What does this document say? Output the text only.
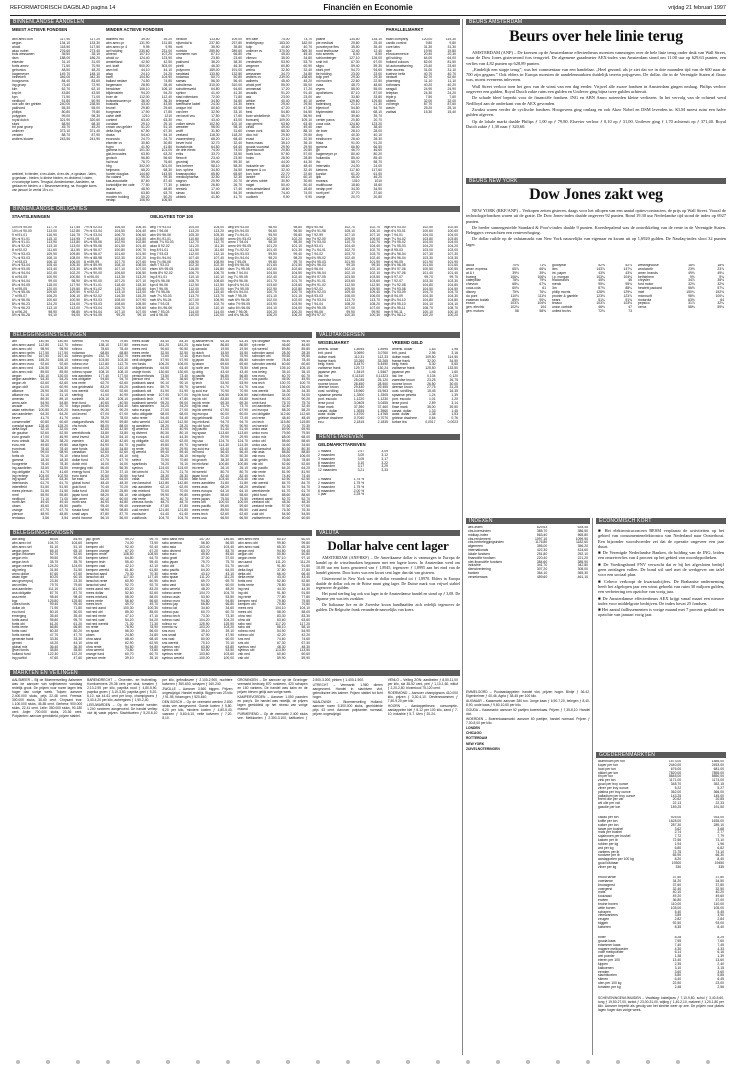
REFORMATORISCH DAGBLAD pagina 14	Financiën en Economie	vrijdag 21 februari 1997
BINNENLANDSE AANDELEN
MEEST ACTIEVE FONDSEN	MINDER ACTIEVE FONDSEN
abn amro kon	117,90	117,20
aegon	134,10	133,30
ahold	118,50	117,50
akzo nobel	276,60	273,40
bols wessanen	35,50	35,10
dsm	188,00	186,20
elsevier	31,10	31,00
fortis amev	71,50	70,90
getronics	48,50	48,20
hagemeyer	149,70	148,10
heineken	346,00	342,30
hoogovens	84,40	83,60
ing groep	73,40	72,90
klm	62,70	62,10
knp bt	43,80	43,50
kpn	71,90	71,00
nedlloyd	51,80	50,90
oce-van der grinten	240,00	238,50
pakhoed	55,30	55,00
philips	80,80	79,80
polygram	99,00	98,30
royal dutch	321,90	320,60
stork	68,90	68,30
tnt post groep	45,70	45,20
unilever	373,10	371,40
vendex	88,70	87,90
wolters kluwer	243,50	241,90
aalberts ind	39,00	39,20
abn amro pr	131,90	131,80
abn amro pr 4	9,95	9,95
acf holding	230,60	231,00
ahrend	107,10	107,20
ahold cv	124,40	123,90
amstelland	42,50	42,50
ant. kraft	500,00	503,00
asm intl	44,10	44,10
atag	24,10	24,20
bam	104,50	104,90
ballast nedam	74,50	74,80
begemann	28,50	28,40
benckiser	106,10	106,10
blijdenstein	94,20	94,20
boer de	112,00	112,40
bolswessanen pr	36,00	36,30
boskalis	43,40	43,50
brunel	29,80	29,60
burgmann	17,90	17,80
calvé delft	1210	1210
content	63,40	63,30
cordaan	29,10	29,10
crown van gelder	51,20	51,10
delta lloyd	67,50	67,30
draka	54,40	54,10
econosto	24,70	24,70
elsevier cv	30,80	30,80
fugro	41,90	41,80
gamma hold	101,30	101,00
gist-brocades	63,50	63,20
grolsch	56,80	56,60
hal trust	76,70	76,60
hbg	302,00	301,00
heijmans	68,20	68,30
hunter douglas	144,60	143,50
ihc caland	99,30	99,30
kas-associatie	87,60	87,40
koninklijke ten cate 77,50	77,30
laurus	48,90	48,80
macintosh	63,80	63,70
moolen holding	50,20	50,20
nedap	106,90	106,50
nedcon	113,80	109,00
nijverdal tc	237,80	237,80
norit	35,90	35,80
nutricia	289,50	289,60
ommeren van	67,10	66,80
otra	23,80	23,60
pakhoed	38,20	38,30
pirelli	46,30	46,30
polynorm	189,00	191,00
randstad	133,50	132,80
rodamco	50,70	50,80
samas	56,30	56,40
schuitema	310,00	310,00
schuttersveld	64,80	64,60
sphinx	41,40	41,30
stad rotterdam	72,00	71,80
telegraaf	34,50	34,60
twentsche kabel	24,30	24,30
unique intl	60,60	60,50
van leer	32,90	33,10
ver.bezit vnu	17,50	17,60
vnu	43,40	43,00
volker stevin	102,50	102,10
weweler	98,00	98,10
wolff	31,80	31,60
zeeland	118,30	118,20
zwanenberg	68,20	68,40
bever hold	32,70	32,40
bouwfonds	64,50	64,40
de drie electr.	74,00	74,00
eriks	33,70	33,50
flexovit	23,40	23,50
grontmij	59,40	59,30
hes beheer	58,10	58,30
kon. sphinx	34,50	34,50
krasnapolsky	65,80	65,60
medicopharma	32,50	32,30
nagron	20,90	20,70
p. bakker	26,80	26,70
reesink	17,40	17,40
simac	54,60	54,30
ubbink	41,80	41,70
ten cate	74,00	73,70
textielgroep	183,00	182,00
tulip	40,60	40,70
unilever cv	370,00	369,30
vhs	45,40	45,40
vilenzo	35,00	34,80
vredestein	53,90	53,70
wegener	60,80	60,90
welna	32,50	32,40
wessanen	34,70	34,80
wolters cv	239,00	238,60
aalberts	45,40	45,20
ahold pref	55,00	55,00
ammeraal	17,20	17,20
arcadis	91,20	91,40
ask	23,00	23,00
athlon	40,40	40,10
beers	29,40	29,50
berkel	47,20	47,30
besi	54,80	54,50
boer winkelbedr	56,70	56,90
borsumij	109,00	109,10
cap gemini	63,60	63,40
cindu	49,40	49,40
crown cork	88,30	88,10
dico intl	29,50	29,50
exact	32,10	32,30
frans maas	35,10	35,10
gouda vuurvast	29,90	29,90
groenwoudt	20,80	20,80
hoek loos	57,50	57,00
holec	28,90	28,80
ict	44,00	44,30
industrie wrr	48,60	48,40
kempen & co	32,40	32,40
kon. bam	22,70	22,60
landré	60,10	60,10
de vries robbé	30,50	30,60
nagel	50,40	50,40
nbm-amstelland	18,60	18,60
nedschroef	74,40	74,00
oudkerk	9,90	9,90
palthe	134,50	134,10
pie medical	25,80	25,40
porceleyne fles	35,50	35,40
rood testhouse	12,40	12,40
roto smeets	8,40	8,50
schlumberger	127,10	126,00
smit intl	67,30	67,00
sligro	59,40	59,30
stork pref	94,70	94,60
tie holding	23,00	23,00
tulip pref	29,30	29,30
vd moolen	22,60	22,50
vvaa	48,70	48,60
wyers	55,00	55,00
apothekers	87,10	87,00
asr	33,80	33,80
avebe	129,80	129,80
batenburg	21,10	21,30
bijenkorf	54,80	54,70
blydenstein	68,10	68,10
brill	39,60	39,70
center parcs	20,80	20,70
coca cola	124,60	123,20
csm	38,40	38,40
de boer	28,10	28,00
dorp	40,30	40,10
eindhoven	28,40	28,30
frisia	91,00	91,20
gamma	66,50	66,50
gti	46,70	46,60
hagemeyer pr	80,40	80,20
hollandia	85,40	85,40
ihc	58,70	58,70
internatio	24,00	24,00
kiekens	117,60	117,60
kondor	61,20	61,00
ljdk	46,40	46,20
moeara	1010	1010
multihouse	18,60	18,60
nedap pref	34,30	34,50
norit pref	37,70	37,60
oranje	20,70	20,80
PARALLELMARKT
baan company	120,00	119,30
cardio control	9,80	9,80
core labs	31,30	31,30
dpe	19,90	19,80
eurocommerce	20,40	20,30
gti holding	64,00	64,00
holland colours	82,00	81,50
ict automatisering	23,40	23,60
inter access	31,00	31,10
kuehne heitz	40,70	40,70
nedsoft	62,70	62,60
pharming	11,10	11,10
rothmans	40,20	40,20
seagull	24,90	24,90
teleplan	24,30	24,20
triple p	7,50	7,60
ubbink	32,00	32,00
vd bergh	87,70	87,60
wavin	25,20	25,10
zwitsal	15,30	15,40
ambieel, b=bieden, c=ex-claim, d=ex-div., e=gedaan - laten, g=gedaan - bieden, k=kleine bieden, ex-dividend, l=laten, v=voorlopige koers. Terugval, Amsterdamse, Aandelen, na gedaan en bieden, a = Beursreservering, na. Hoogste koers van januari 1e veelal 15 s.v.v.
BEURS AMSTERDAM
Beurs over hele linie terug

AMSTERDAM (ANP) – De koersen op de Amsterdamse effectenbeurs moesten vanmorgen over de hele linie terug onder druk van Wall Street, waar de Dow Jones gisteravond fors terugviel. De algemene graadmeter AEX-index van Amsterdam stond om 11.00 uur op 629,63 punten, een verlies van 4,82 punten op 628,89 punten.

„Eindelijk een stapje terug”, was het commentaar van een handelaar. „Heel gezond, als je ziet dat we in drie maanden tijd van de 600 naar de 700 zijn gegaan.” Ook elders in Europa moesten de aandelenmarkten duidelijk terrein prijsgeven. De dollar, die in de Verenigde Staten al flauw was, moest eveneens inleveren.

Wall Street verloor toen het gros van de winst van een dag eerder. Vrijwel alle zware fondsen in Amsterdam gingen omlaag. Philips verloor ongeveer een gulden, Royal Dutch zakte ruim een gulden en Unilever ging bijna twee gulden achteruit.

De schade bleef beperkt voor de financiële fondsen. ING en ABN Amro noteerden kleine verliezen. In het vervolg van de ochtend werd Nedlloyd aan de onderkant van de AEX gevonden.

Zwakst waren verder de cyclische fondsen. Hoogovens ging omlaag en ook Akzo Nobel en DSM leverden in. KLM moest ruim een halve gulden afgeven.

Op de lokale markt daalde Philips ƒ 1,00 op ƒ 79,80. Elsevier verloor ƒ 0,10 op ƒ 31,00. Unilever ging ƒ 1,70 achteruit op ƒ 371,40. Royal Dutch zakte ƒ 1,30 naar ƒ 320,60.

BEURS NEW YORK
Dow Jones zakt weg

NEW YORK (RKF/ANP) – Verkopen zetten gisteren, daags voor het aflopen van een aantal opties-contracten, de prijs op Wall Street. Vooral de technologiefondsen waren uit de gratie. De Dow Jones-index daalde ongeveer 92 punten. Rond 19.30 uur Nederlandse tijd stond de index op 6927 punten.

De breder samengestelde Standard & Poor's-index daalde 9 punten. Koersbepalend was de ontwikkeling van de rente in de Verenigde Staten. Beleggers verwachten een renteverhoging.

De dollar ruilde op de valutamarkt van New York nauwelijks van eigenaar en kwam uit op 1,6920 gulden. De Nasdaq-index sloot 32 punten lager.

alcoa	70⅝	71¼
amer. express	65⅞	66¾
at & t	39⅛	39¼
boeing	106¼	106⅛
caterpillar	78¾	79⅛
chevron	68¼	67¾
coca-cola	60⅛	61
disney	75⅝	76¼
du pont	110⅛	111½
eastman kodak	89½	90¼
exxon	103⅞	104⅛
gen. electric	102⅛	104
gen. motors	58	58⅝
goodyear	52⅝	52⅞
ibm	143⅞	147¼
int. paper	43⅝	43¾
j.p. morgan	103¼	104⅛
mcdonald's	45⅛	46
merck	95¼	95¾
3m	87⅜	88¼
philip morris	128½	129¼
procter & gamble	123⅛	123⅞
sears	51¼	51¾
texaco	103⅞	103⅛
union carbide	46⅜	47
united techn.	72⅛	73
westinghouse	18⅛	18⅜
woolworth	23⅝	23⅞
amer. brands	49⅛	49¼
bethlehem	9⅝	9¾
chrysler	34⅞	35⅛
ford motor	32⅛	32⅜
hewlett packard	56⅝	57¼
intel	150¼	152⅜
microsoft	98⅛	100¼
motorola	63⅛	64
pepsico	31⅞	32¼
xerox	58⅜	59⅛
BINNENLANDSE OBLIGATIES
STAATSLENINGEN	OBLIGATIES TOP 100
10¾ nl 90-00	117,70	117,55
10¼ nl 90-00	113,00	112,80
9 nl 91-01	116,90	116,75
8¾ nl 91-01	115,10	114,95
8½ nl 91-01	113,90	113,80
8¼ nl 92-02	113,10	113,00
8 nl 92-02	111,60	111,50
7½ nl 93-03	109,90	109,80
7¼ nl 93-03	108,10	108,00
7 nl 93-03	106,10	106,00
6¾ nl 93-04	105,40	105,30
6½ nl 93-05	103,40	103,30
6¼ nl 94-04	102,40	102,20
6 nl 94-05	100,90	100,80
5¾ nl 94-04	99,00	98,90
8¾ nl 94-05	118,00	117,90
9 nl 95-05	120,00	119,80
7¾ nl 95-06	109,60	109,50
7 nl 95-07	106,20	106,10
6¼ nl 96-06	100,60	100,50
8¾ nl 96-23	124,20	124,00
7½ nl 96-23	113,10	113,00
6 nl 96-26	98,90	98,80
5½ nl 96-28	94,10	94,00
7½ nl 02-03	106,40	106,30
7½ nl 03-04	104,50	104,40
7¼ nl 03-04	106,70	106,60
7 nl 93-05	103,60	103,50
6¾ nl 95-06	102,90	102,80
6½ nl 95-06	101,50	101,40
6¼ nl 96-07	100,80	100,70
5¾ nl 96-07	101,60	101,50
9½ nl 88-98	102,30	102,20
8 nl 89-99	107,70	107,60
8½ nl 89-99	108,10	108,00
8¾ nl 89-99	107,10	107,00
7¾ nl 90-00	106,60	106,50
9 nl 90-00	113,30	113,20
8¼ nl 90-00	107,20	107,10
9¼ nl 91-01	118,40	118,30
8¾ nl 91-02	115,70	115,60
9 nl 92-02	113,10	113,00
8½ nl 92-02	116,30	116,20
8¼ nl 93-03	108,00	107,90
7¾ nl 93-03	108,60	108,50
7½ nl 93-04	105,70	105,60
6¾ nl 94-04	107,10	107,00
6¼ nl 94-05	99,20	99,10
aeg 7½ 93-03	104,00	104,00
abn 7 96-06	113,20	113,20
abn 6½ 96-06	105,30	105,30
abn 8¼ 91-01	110,80	110,80
ahold 7¾ 93-03	112,70	112,70
akzo 8 92-02	111,20	111,30
bng 8 91-01	111,50	111,60
bng 7 93-03	112,00	112,10
bng 6¼ 94-04	107,40	107,40
bng 7¼ 96-06	108,90	108,90
dsm 7 93-03	102,30	102,30
elsev 6½ 95-05	116,80	116,80
fortis 8½ 92-02	106,70	106,70
ing 8 91-01	110,10	110,10
ing 6¾ 96-06	108,70	108,60
kpn 6 96-06	112,50	112,50
kpn 7 96-06	112,00	112,00
nib 7½ 96-06	115,40	115,40
nwb 7¼ 93-03	113,70	113,70
nwb 6¾ 94-04	107,00	106,90
rabo 7 93-03	102,70	102,70
rabo 6¼ 96-06	110,10	110,10
shell 7 93-03	114,00	114,00
unil 6 96-06	110,00	110,00
aeg 6½ 93-00	98,90	98,80
aeg 6¾ 94-00	96,60	96,50
aeg 7¼ 94-01	95,90	95,80
amro 6¾ 93-03	102,30	102,20
amro 7 94-04	98,30	98,30
amro 6½ 95-05	101,20	101,10
bng 7¼ 92-02	101,40	101,30
bng 6¾ 93-03	99,50	99,40
bng 6¼ 94-04	98,20	98,20
bng 7 95-05	99,80	99,70
bng 6½ 96-06	101,60	101,50
dsm 7¼ 95-05	102,60	102,60
fortis 7 94-04	104,50	104,50
ing 7¼ 95-05	102,40	102,40
ing 6½ 96-06	101,70	101,70
kpn 6¾ 94-04	103,60	103,60
kpn 7½ 95-05	102,90	102,80
nib 6¾ 94-04	100,70	100,70
nwb 7 95-05	101,10	101,10
nwb 6½ 96-06	102,00	102,00
rabo 7½ 95-05	103,90	103,90
rabo 6¾ 96-06	104,10	104,00
shell 7 95-05	100,20	100,20
unil 6¾ 96-06	106,20	106,20
lng 6 90-98	102,70	102,70
lng 6½ 91-98	105,10	105,10
lng 7 92-99	107,10	107,10
lng 7½ 92-00	109,00	109,00
lng 7¾ 93-00	110,70	110,70
lng 8 93-01	104,40	104,40
lng 7¼ 94-01	102,70	102,70
lng 7 94-02	103,70	103,70
lng 6¾ 95-02	102,40	102,40
lng 6½ 95-03	101,90	101,90
lng 6¼ 96-03	99,30	99,30
lng 6 96-04	102,10	102,10
lng 5¾ 96-04	102,10	102,10
lng 5½ 97-05	103,50	103,50
lng 8¼ 91-01	103,60	103,60
lng 8½ 91-02	112,50	112,50
lng 9 92-02	109,50	109,50
lng 8¾ 92-03	109,40	109,40
lng 8 93-03	106,00	106,00
lng 7½ 93-04	113,70	113,70
lng 7 94-04	108,20	108,20
lng 6½ 95-05	107,00	107,00
lng 6 96-06	99,90	99,90
lng 5½ 97-07	100,30	100,30
ingh 6½ 93-00	102,50	102,50
ingh 6¾ 93-01	100,60	100,60
ingh 7 94-01	104,00	104,00
ingh 7¼ 94-02	103,80	103,80
ingh 7½ 95-02	104,00	104,00
ingh 7¾ 95-03	104,20	104,20
ingh 8 95-03	103,00	103,00
ingh 8¼ 96-04	107,30	107,30
ingh 8½ 96-04	103,30	103,30
ingh 6 96-05	101,90	101,90
ingh 5¾ 96-05	101,60	101,60
ingh 5½ 97-06	100,50	100,50
ingh 5¼ 97-06	101,40	101,40
ingh 5 97-07	99,70	99,70
ingh 7 92-07	103,30	103,30
ingh 7¼ 92-08	104,80	104,80
ingh 7½ 93-08	104,50	104,50
ingh 7¾ 93-09	104,70	104,70
ingh 8 94-09	104,30	104,30
ingh 8¼ 94-10	104,80	104,80
ingh 8½ 95-10	104,10	104,10
ingh 8¾ 95-11	108,70	108,70
ingh 9 96-11	100,10	100,10
ingh 9¼ 96-12	100,20	100,20
BELEGGINGSINSTELLINGEN
abf	140,50	140,80
abn amro aand 112,80	112,70
abn amro obl	98,90	98,90
abn amro gelm 117,50	117,50
abn amro vst 167,50	167,40
abn amro ams 155,20	155,10
abn amro euro 92,60	92,60
abn amro ned 126,50	126,30
abn amro wld 89,50	89,50
aegon	130,10	130,00
aegon aandelen 54,30	54,20
aegon zb	62,60	62,60
aegon oblf	61,00	60,90
alliance	25,90	26,00
alliance nw	31,10	31,10
ameriac	89,30	89,10
amro azie	54,90	54,80
arcade	20,90	20,70
asian selection 100,80	100,20
asn aandelen 64,30	64,20
bever	41,70	41,70
conservatief	60,80	60,60
cumulat spaar 128,40	128,20
delta lloyd	32,10	32,00
de goudse	52,60	52,50
euro growth	47,00	46,90
euro ontwik	38,20	38,20
euro-mix	49,80	49,80
eurotrust	78,40	78,40
foris	99,00	98,90
fortis ob	76,10	76,10
gamma	18,30	18,30
hoogrente	78,40	78,30
ing aandelen	33,50	33,50
ing obligatie	41,70	41,60
ing rentegr	103,00	102,90
ing spaar	63,40	63,30
interbonds	61,70	61,70
intereffekt	51,50	51,50
mees pierson 31,50	31,50
mmf	55,90	55,80
nedlloyd	71,10	71,00
north am	49,40	49,40
obam	45,60	45,50
orange	67,70	67,70
pierson	48,90	48,80
rentasso	3,56	3,54
rorento	79,90	79,80
robeco	138,10	137,80
rolinco	78,60	78,40
rodamco	68,80	68,80
robeco geldm 152,70	152,70
robeco cap	103,50	103,30
robeco eur	112,80	112,70
robeco ned	110,20	110,10
robeco spaar 108,10	108,10
sns aandelen 177,40	177,00
sns obligatie	94,80	94,70
sns rente	62,70	62,60
sns geldmarkt 83,20	83,20
sns wereld	92,60	92,60
sterling	41,00	40,90
sunbelt	105,10	105,10
tech fund	40,60	40,50
tokyo pacific 154,60	154,40
trans europe	90,30	90,20
uni-invest	67,00	67,00
unico	78,20	78,00
vastgoedfonds 59,90	59,80
vhs fonds	88,00	88,00
vvs	42,60	42,50
wereldfonds	33,80	33,80
west invest	54,30	54,10
zweden	42,80	42,60
asia tigers	84,90	84,70
azie fonds	34,80	34,80
canadian	52,60	52,60
china fund	45,20	45,10
dollar fund	67,70	67,70
dutch mid	16,00	16,00
emerging mkt 56,40	56,30
energy fund	37,30	37,10
euro bond	30,60	30,60
far east	64,20	64,00
global bond	48,40	48,30
gold fund	70,40	70,20
india fund	25,80	25,80
japan fund	58,20	58,10
latin amer	60,10	60,00
north sea	46,90	46,80
pacific	95,40	95,40
russia fund	98,90	98,80
small caps	87,80	87,70
world income 56,10	56,00
mees dollar	84,40	84,30
mees euro	181,20	181,20
mees ned	90,60	90,50
mees rente	32,50	32,50
mees wereld	72,60	72,40
nedl obligatie 57,90	57,90
nm fonds	106,20	106,00
obligatiefonds 64,50	64,40
oranje fonds 130,60	130,60
pensioenfonds 73,50	73,40
pierson ned	36,70	36,60
postbank aand 90,10	90,10
postbank euro 59,70	59,70
postbank obl	51,90	51,90
postbank rente 107,00	107,00
postbank tech 47,90	47,80
postbank wereld 95,20	95,00
rabo aandelen 34,20	34,20
rabo europa	27,00	27,00
rabo obligatie 68,00	68,00
rabo rente	54,40	54,40
rabo wereld	112,60	112,50
rg aandelen	28,20	28,20
rg america	41,00	40,90
rg divirent	80,30	80,10
rg europa	44,40	44,30
rg obligatie	62,00	62,00
rg pacific	49,80	49,70
rg rente	29,90	29,90
rg wereld	59,40	59,40
rohij	36,20	36,10
select	70,90	70,80
sparfonds	76,20	76,10
syntrus	124,00	124,00
tiel utrecht	21,70	21,70
top fund	28,30	28,30
vada	53,50	53,50
van lanschot 142,80	142,80
vsb aandelen 62,10	62,00
vsb mixfund	70,00	70,00
vsb obligatie	99,90	99,80
vsb rente	40,70	40,70
zeeuws fonds 48,70	48,70
zonnewende	47,80	47,80
zuid nederl	121,80	121,80
zwolsche	61,40	61,40
zuidfonds	104,70	104,70
ig aandelen fd 64,35	63,34
ig asia fund	86,80	86,80
ig canada	19,50	19,50
ig dutch	15,50	15,50
ig euro fund	75,90	75,90
ig japan	85,50	85,50
ig latam	69,60	69,60
ig north am	75,50	75,50
ig oblig	43,40	43,40
ig pacific	56,80	56,80
ig rente	87,00	87,00
ig tech	53,90	53,90
ig wereld	61,70	61,70
ig zuid eur	70,90	70,90
ing bk fund	106,50	106,50
ing bk obl	83,80	83,80
ing bk rente	69,30	69,30
ing bk vast	73,70	73,70
ing bk wereld 67,90	67,90
ing europa	60,00	60,00
ing geldmarkt 72,40	72,40
ing mixfund	94,70	94,70
ing obl fund	90,90	90,90
ing pacific	51,40	51,40
ing spaar	113,60	113,60
ing tech	29,90	29,90
ing usa	124,70	124,70
ing wereld	114,30	114,30
ing zuid eur	63,40	63,40
int bond	56,40	56,40
int equity	50,30	50,30
int growth	38,30	38,30
int mixfund	100,80	100,80
int rente	26,10	26,10
int wereld	80,70	80,70
japan fund	82,40	82,40
latin fund	103,40	103,40
mees aandelen 31,80	31,80
mees asia	68,20	68,20
mees europa	64,10	64,10
mees geldm	58,60	58,60
mees japan	75,50	75,50
mees obl	100,00	100,00
mees pacific	59,60	59,60
mees rente	89,50	89,50
mees tech	62,60	62,60
mees usa	66,50	66,50
ryk obligatie	95,40	95,40
ryk rente	46,60	46,60
ryk wereld	89,80	89,80
schroder aand 28,30	28,30
schroder obl	99,50	99,50
schroder rente 78,40	78,40
schroder wereld 60,60	60,60
shell pens	105,10	105,10
sns beleg	35,10	35,10
sns euro	60,70	60,70
sns pacific	45,90	45,90
sns tech	100,70	100,70
sns usa	136,00	136,00
sns wereld	34,30	34,30
stad rotterdam 34,00	34,00
trust fund	90,20	90,20
umb fund	75,70	75,70
uni aandelen	32,40	32,40
uni europa	58,20	58,20
uni obligatie	112,60	112,60
uni rente	48,40	48,40
uni tech	115,80	115,80
uni wereld	70,30	70,30
unico asia	69,90	69,90
unico euro	79,50	79,50
unico mix	68,00	68,00
unico obl	58,60	58,60
unico usa	34,60	34,60
van lanschot	80,30	80,30
vsb asia	88,80	88,80
vsb euro	106,00	106,00
vsb geldm	78,80	78,80
vsb obl	52,60	52,60
vsb pacific	64,20	64,20
vsb rente	81,90	81,90
vsb tech	74,40	74,40
vsb usa	62,50	62,50
vsb wereld	84,70	84,70
westland	54,70	54,70
wereldrente	61,70	61,70
yield fund	88,60	88,60
zeeland aand	52,70	52,70
zeeland obl	48,30	48,30
zeeland rente	97,50	97,50
zuid aand	76,30	76,30
zuid obl	54,50	54,50
zwitserleven	60,60	60,60
VALUTAKOERSEN
WISSELMARKT	VREEMD GELD
amerik. dollar	1,8945	1,8995
brit. pond	3,0690	3,0760
duitse mark	112,31	112,33
franse frank	33,260	33,265
belg. frank	5,4470	5,4490
zwitserse frank	129,72	130,24
japanse yen	1,5419	1,5467
ital. lire	0,11310	0,11323
zweedse kroon	25,035	25,120
noorse kroon	28,450	28,500
deense kroon	29,440	29,455
oost. schilling	15,960	15,963
spaanse peseta	1,3300	1,3305
port. escudo	1,1220	1,1230
ierse pond	3,0405	3,0455
finse mark	37,390	37,460
canad. dollar	1,3935	1,3960
austr. dollar	1,4700	1,4765
griekse drachme	0,7040	0,7070
ecu	2,1815	2,1835
amerik. dollar	1,83	1,96
brit. pond	2,96	3,16
duitse mark	109,50	114,50
franse frank	32,00	34,50
belg. frank	5,30	5,60
zwitserse frank	125,50	133,50
japanse yen	1,46	1,60
ital. lire	0,104	0,120
zweedse kroon	23,25	26,75
noorse kroon	26,50	30,00
deense kroon	27,75	31,25
oost. schilling	15,45	16,35
spaanse peseta	1,24	1,39
port. escudo	1,01	1,20
ierse pond	2,89	3,14
finse mark	35,00	39,50
canad. dollar	1,33	1,45
austr. dollar	1,38	1,53
griekse drachme	0,64	0,76
turkse lira	0,0017	0,0023
RENTETARIEVEN
GELDMARKTTARIEVEN
1 maand	2,97	3,09
2 maanden	3,00	3,12
3 maanden	3,05	3,17
6 maanden	3,10	3,22
9 maanden	3,17	3,29
12 maanden	3,21	3,33
1 maand	1,75 %
2 maanden	1,75 %
3 maanden	1,75 %
6 maanden	2,00 %
1 jaar	2,25 %
VALUTA
Dollar halve cent lager

AMSTERDAM (ANP/RKF) – De Amerikaanse dollar is vanmorgen in Europa de handel op de wisselmarkten begonnen met een lagere koers. In Amsterdam werd om 10.00 uur een koers genoteerd van ƒ 1,8945, tegenover ƒ 1,8995 aan het eind van de handel gisteren. Door koers was een kwart cent lager dan dat van gisteren.

Gisteravond in New York was de dollar veranderd tot ƒ 1,8970. Elders in Europa daalde de dollar ook en de Britse munt ging lager. De Duitse mark was vrijwel stabiel tegenover de gulden.

Het pond sterling lag ook wat lager in de Amsterdamse handel en stond op ƒ 3,08. De Japanse yen was iets zwakker.

De Italiaanse lire en de Zweedse kroon handhaafden zich redelijk tegenover de gulden. De Belgische frank veranderde nauwelijks van koers.

INDEXEN
aex-index	629,63	634,45
cbs-koersindex	385,70	386,50
midkap-index	563,40	565,80
cbs-rendement	1097,10	1099,90
cbs-herbeleggingsindex	1176,80	1182,60
algemeen	355,00	356,20
internationals	422,30	424,60
lokale fondsen	251,80	252,10
financiële fondsen	220,40	221,20
niet-financiële fondsen	384,60	385,90
industrie	341,70	342,80
dienstverlening	307,20	308,00
banken	364,10	365,30
verzekeraars	459,60	461,10
ECONOMISCH KORT

■ Het elektronicaconcern BESM verplaatst de activiteiten op het gebied van consumentenelektronica van Nederland naar Oosterhout. Een bijzonder woordvoerder zei dat de operatie ongeveer een jaar duurt.

■ De Verenigde Nederlandse Banken, de holding van de ING, leiden een omzetverlies van 4 procent op het gebied van woonhypotheken.

■ De Voedingsbond FNV verwacht dat er bij het afgesloten bedrijf geen ontslagen vallen. De bond wil snel met de werkgever om tafel voor een sociaal plan.

■ Cebeco verkoopt de kwartaalcijfers. De Brabantse onderneming heeft het afgelopen jaar een winst geboekt van ruim 30 miljoen gulden, een verbetering ten opzichte van vorig jaar.

■ De Amsterdamse effectenbeurs AEX krijgt vanaf maart een nieuwe index voor middelgrote bedrijven. De index bevat 25 fondsen.

■ Het aantal faillissementen is vorige maand met 7 procent gedaald ten opzichte van januari vorig jaar.

BELEGGINGSFONDSEN
aaf oblig	85,00	84,90
abn amro int	104,70	104,60
abn amro sel	51,10	51,10
aegon gem	65,10	65,10
aegon inkomen	52,70	52,60
aegon mix	99,50	99,40
aegon tech	35,70	35,70
aegon wereld	124,20	124,00
alg beleg	31,50	31,50
amro dollar	67,60	67,60
asian tiger	60,20	60,10
asn groenproj	23,30	23,30
asn milieu	79,70	79,60
axa aandelen	111,10	111,00
axa obligatie	87,70	87,70
axa rente	98,40	98,40
bgz	125,80	125,80
cobra fonds	99,40	99,40
dollar ob	71,90	71,80
eco fund	50,10	50,00
emerging	35,40	35,40
fortis aand	95,80	95,70
fortis obl	61,20	61,20
fortis rente	66,80	66,80
fortis vast	80,30	80,20
fortis wereld	47,70	47,70
generale bank	33,30	33,30
gemini	44,20	44,10
global mix	36,40	36,30
groei fonds	35,80	35,80
holland fund	122,30	122,20
ing portfol	47,60	47,60
jap. groei	99,70	99,70
kempen	74,00	73,90
kempen obl	92,40	92,40
kempen orange	67,20	67,20
kempen rente	108,50	108,50
kempen select	64,80	64,70
kempen tech	55,40	55,40
kempen vast	42,10	42,10
kempen wereld	61,80	61,80
lanschot aand	70,30	70,30
lanschot obl	117,40	117,40
lanschot rente	60,90	60,90
lanschot vast	92,70	92,70
mees aand ned	83,20	83,20
mees dollar	52,60	52,60
mees mixfund	58,00	58,00
mees rente	56,60	56,60
mees tech	49,70	49,70
nat ned aand	100,30	100,30
nat ned obl	85,00	85,00
nat ned rente	47,10	47,10
nat ned vast	54,20	54,20
nat ned wereld	71,30	71,30
nn rente	78,90	78,90
nn spaar	56,00	56,00
obam	24,80	24,80
ohra aand	68,40	68,40
ohra obl	62,90	62,90
ohra rente	94,80	94,80
ohra wereld	73,80	73,80
orange fund	60,70	60,70
pierson rente	39,10	39,10
rabo aand ned	147,00	146,80
rabo america	56,50	56,50
rabo asia	103,40	103,40
rabo divirent	83,70	83,70
rabo euro	45,60	45,60
rabo groei	37,00	37,00
rabo japan	75,70	75,70
rabo obl	51,70	51,70
rabo pacific	64,00	64,00
rabo rente	43,10	43,10
rabo spaar	111,20	111,20
rabo tech	69,70	69,70
rabo vast	60,00	60,00
rabo wereld	48,20	48,20
robeco amer	104,70	104,70
robeco asia	53,50	53,50
robeco euro	94,80	94,80
robeco jap	66,80	66,80
robeco lat	34,60	34,60
robeco pac	60,70	60,70
robeco tech	73,30	73,30
robeco vast	104,20	104,20
rolinco nv	125,90	125,90
rorento nv	103,20	103,20
sns euro	39,10	39,10
sns small	47,90	47,90
sns vast	60,00	60,00
sns wereld	70,10	70,10
syntrus ned	63,80	63,80
syntrus obl	53,50	53,50
syntrus rente	103,60	103,60
syntrus wereld	100,00	100,00
abn amro ned	60,10	60,00
abn amro obl	99,80	99,80
abn amro vast	65,30	65,30
aegon ned	94,50	94,40
aegon obl	50,80	50,80
aegon rente	97,10	97,10
asn aand	111,20	111,20
asn obl	91,80	91,80
delta lloyd	37,80	37,80
delta obl	66,40	66,40
delta rente	43,40	43,40
fortis ned	52,80	52,80
fortis rente	78,80	78,80
ing ned	44,30	44,30
ing obl	91,80	91,80
ing rente	77,80	77,80
kempen ned	79,80	79,80
kempen obl	70,80	70,80
mees ned	104,10	104,10
mees obl	58,00	58,00
ohra ned	83,30	83,30
ohra obl	63,60	63,60
rabo ned	117,20	117,20
rabo obl	58,10	58,10
robeco ned	54,90	54,90
robeco obl	42,20	42,20
sns ned	74,60	74,60
sns obl	67,30	67,30
syntrus ned	48,30	48,30
syntrus obl	113,50	113,50
vsb ned	60,60	60,60
vsb obl	59,90	59,90
MARKTEN EN VEILINGEN

AALSMEER – Bij de Bloemenveiling Aalsmeer was de aanvoer van snijbloemen vandaag redelijk groot. De prijzen voor rozen lagen iets hoger dan vorige week. Tulpen: aanvoer 2.400.000 stuks, prijs 22-48 cent. Freesia: 300.000 stuks, 36-60 cent. Chrysant tros: 1.100.000 stuks, 45-85 cent. Gerbera: 900.000 stuks, 22-41 cent. Lelie: 350.000 stuks, 90-180 cent. Anjer: 700.000 stuks, 20-36 cent. Potplanten: aanvoer gemiddeld, prijzen stabiel.

BARENDRECHT – Groenten- en fruitveiling. Komkommers 29-38 cent per stuk, tomaten ƒ 2,10-2,95 per kilo, paprika rood ƒ 4,80-5,90, paprika groen ƒ 3,10-3,80, paprika geel ƒ 5,20-6,10, sla 44-61 cent per krop, champignons ƒ 3,40-4,20 per kilo, aubergines ƒ 1,90-2,40.

LEEUWARDEN – Op de veemarkt werden 1.240 runderen aangevoerd. De handel verliep vlot bij vaste prijzen. Slachtkoeien ƒ 5,20-6,10 per kilo, gebruiksvee ƒ 2.100-2.900, nuchtere kalveren ƒ 350-600, schapen ƒ 160-240.

ZWOLLE – Aanvoer 3.560 biggen. Prijzen ongewijzigd. Handel redelijk. Biggen van 23 kilo ƒ 91-95, fokzeugen ƒ 520-640.

DEN BOSCH – Op de veemarkt werden 2.830 stuks vee aangevoerd. Goede koeien ƒ 5,80-6,20 per kilo, mindere koeien ƒ 4,80-5,40, vaarzen ƒ 5,60-6,10, vette kalveren ƒ 7,20-8,10.

GRONINGEN – De aanvoer op de Groninger veemarkt bedroeg 870 runderen, 420 schapen en 160 varkens. De handel was kalm en de prijzen bleven gelijk aan vorige week.

KAMPERVORDEN – Aanvoer 1.050 paarden en pony's. De handel was redelijk, de prijzen lagen gemiddeld op het niveau van vorige maand.

PURMEREND – Op de veemarkt 2.400 stuks vee. Melkkoeien ƒ 2.300-3.100, kalfkoeien ƒ 2.500-3.200, pinken ƒ 1.400-1.900.

UTRECHT – Veemarkt: 1.980 dieren aangevoerd. Handel in slachtvee vlot, gebruiksvee iets kalmer. Prijzen stabiel tot licht hoger.

NAALDWIJK – Bloemenveiling Holland: aanvoer rozen 5.300.000 stuks, gemiddelde prijs 43 cent. Aanvoer potplanten normaal, prijzen ongewijzigd.

VENLO – Veiling ZON: aardbeien ƒ 8,50-11,00 per kilo, sla 38-52 cent, prei ƒ 1,10-1,60, witlof ƒ 2,20-2,80, bloemkool 75-120 cent.

ROERMOND – Aanvoer champignons 410.000 kilo, prijzen ƒ 3,30-4,10. Oesterzwammen ƒ 7,50-9,20 per kilo.

HOORN – Aardappelbeurs: consumptie-aardappelen klei ƒ 8-12 per 100 kilo, zand ƒ 7-10, industrie ƒ 5-7. Uien ƒ 20-24.

GOEDERENMARKTEN
aluminium per ton	1573,00	1585,00
koper per ton	2440,00	2453,00
lood per ton	676,00	681,00
nikkel per ton	7820,00	7855,00
tin per ton	5845,00	5850,00
zink per ton	1171,00	1174,00
goud per troy ounce	348,70	352,15
zilver per troy ounce	5,22	5,27
platina per troy ounce	362,00	366,00
palladium per troy ounce	143,25	145,00
brent olie per vat	20,62	20,85
wti olie per vat	22,13	22,33
gasolie per ton	189,25	191,50
cacao per ton	925,00	933,00
koffie per ton	1628,00	1635,00
suiker per ton	287,30	289,10
tarwe per bushel	3,62	3,68
mais per bushel	2,74	2,77
sojabonen per bushel	7,72	7,79
katoen per lb	72,56	73,10
rubber per kg	1,94	1,96
wol per kg	6,80	6,82
varkens per lb	73,75	74,10
rundvee per lb	65,90	66,30
aardappelen per 100 kg	8,20	8,40
goud kilobaar	19300	19450
zilver per kg	330	335
brood tarwe	37,50	37,80
voertarwe	34,20	34,50
brouwgerst	37,60	37,80
voergerst	32,40	32,50
maïs	40,10	40,20
koolzaad	49,20	49,60
erwten	36,80	37,00
bruine bonen	110,00	110,00
witte bonen	105,00	105,00
schapen	5,40	5,45
vleesvarkens	3,89	3,90
zeugen	2,82	2,84
biggen	92,50	93,00
kalveren	8,35	8,40
boter	8,28	8,29
gouda kaas	7,55	7,60
edammer kaas	7,40	7,45
magere melkpoeder	4,30	4,33
volle melkpoeder	6,14	6,16
wei poeder	1,38	1,39
eieren per 100	13,40	13,60
kippen	2,35	2,40
kalkoenen	3,10	3,15
eenden	3,60	3,60
slachtkoeien	5,80	5,85
stieren	6,40	6,45
uien per 100 kg	22,50	23,00
tomaten per kg	2,48	2,56
SCHEVENINGEN/IJMUIDEN – Visafslag: kabeljauw ƒ 7,10-9,80, schol ƒ 3,40-5,60, tong ƒ 19,50-27,00, tarbot ƒ 23,00-31,00, wijting ƒ 1,40-2,10, makreel ƒ 1,20-1,80 per kilo. Aanvoer beperkt als gevolg van het slechte weer op zee. De prijzen voor platvis lagen hoger dan vorige week.

EMMELOORD – Pootaardappelen: handel vlot, prijzen hoger. Bintje ƒ 36-42, Eigenheimer ƒ 40-46, Agria ƒ 38-45 per 100 kilo.

ALKMAAR – Kaasmarkt: aanvoer 280 ton. Jonge kaas ƒ 6,90-7,20, belegen ƒ 8,40-8,90, oude kaas ƒ 9,80-10,60 per kilo.

GOUDA – Kaasmarkt: aanvoer 52 partijen boerenkaas. Prijzen ƒ 7,35-8,10. Handel vlot.

WOERDEN – Boerenkaasmarkt: aanvoer 60 partijen, handel normaal. Prijzen ƒ 7,30-8,00 per kilo.

LONDEN

CHICAGO

ROTTERDAM

NEW YORK

ZUIVELNOTERINGEN
